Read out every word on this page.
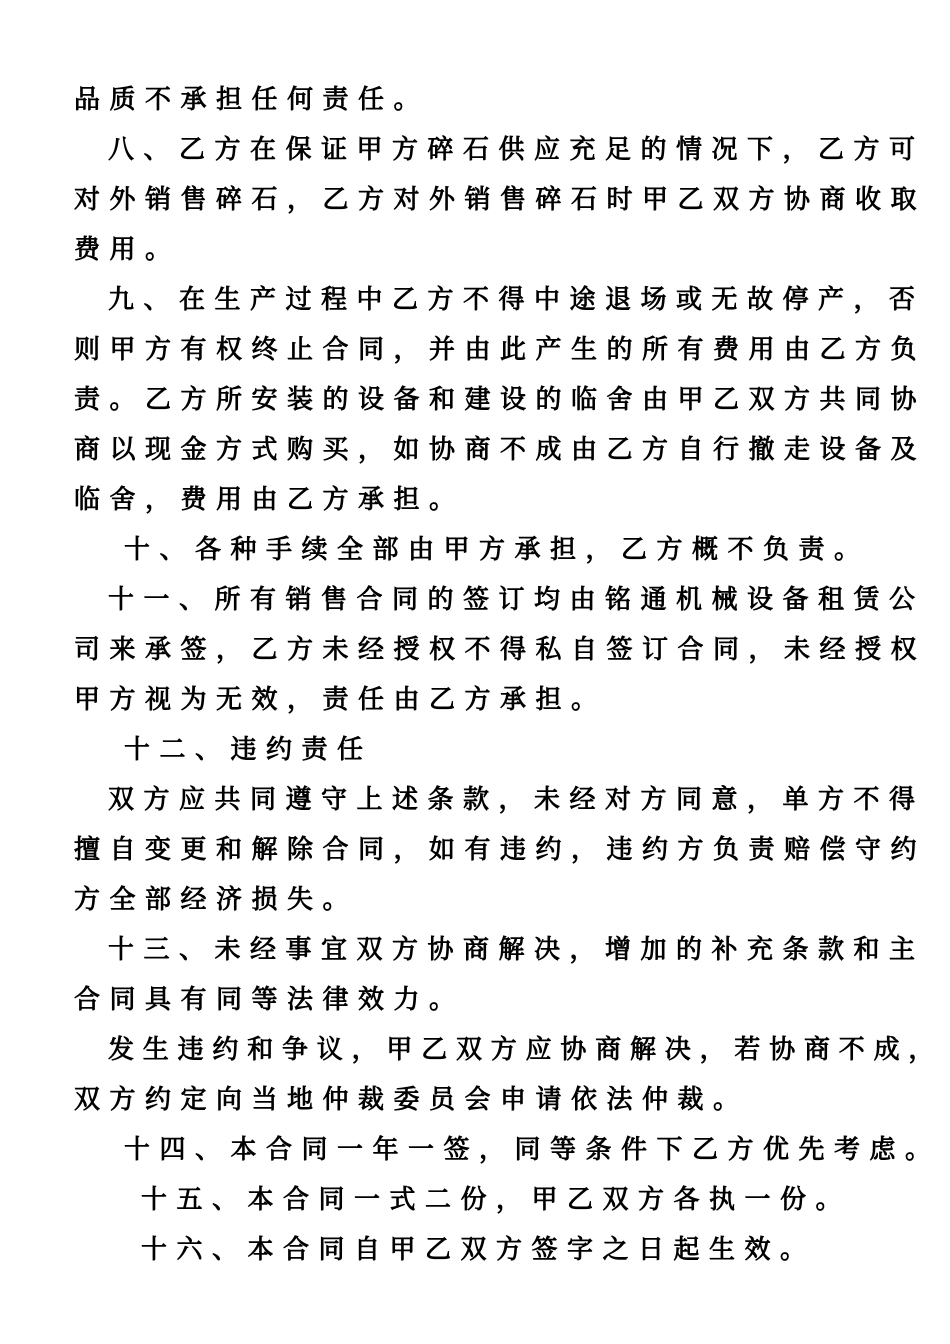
品质不承担任何责任。
八、乙方在保证甲方碎石供应充足的情况下，乙方可
对外销售碎石，乙方对外销售碎石时甲乙双方协商收取
费用。
九、在生产过程中乙方不得中途退场或无故停产，否
则甲方有权终止合同，并由此产生的所有费用由乙方负
责。乙方所安装的设备和建设的临舍由甲乙双方共同协
商以现金方式购买，如协商不成由乙方自行撤走设备及
临舍，费用由乙方承担。
十、各种手续全部由甲方承担，乙方概不负责。
十一、所有销售合同的签订均由铭通机械设备租赁公
司来承签，乙方未经授权不得私自签订合同，未经授权
甲方视为无效，责任由乙方承担。
十二、违约责任
双方应共同遵守上述条款，未经对方同意，单方不得
擅自变更和解除合同，如有违约，违约方负责赔偿守约
方全部经济损失。
十三、未经事宜双方协商解决，增加的补充条款和主
合同具有同等法律效力。
发生违约和争议，甲乙双方应协商解决，若协商不成，
双方约定向当地仲裁委员会申请依法仲裁。
十四、本合同一年一签，同等条件下乙方优先考虑。
十五、本合同一式二份，甲乙双方各执一份。
十六、本合同自甲乙双方签字之日起生效。
